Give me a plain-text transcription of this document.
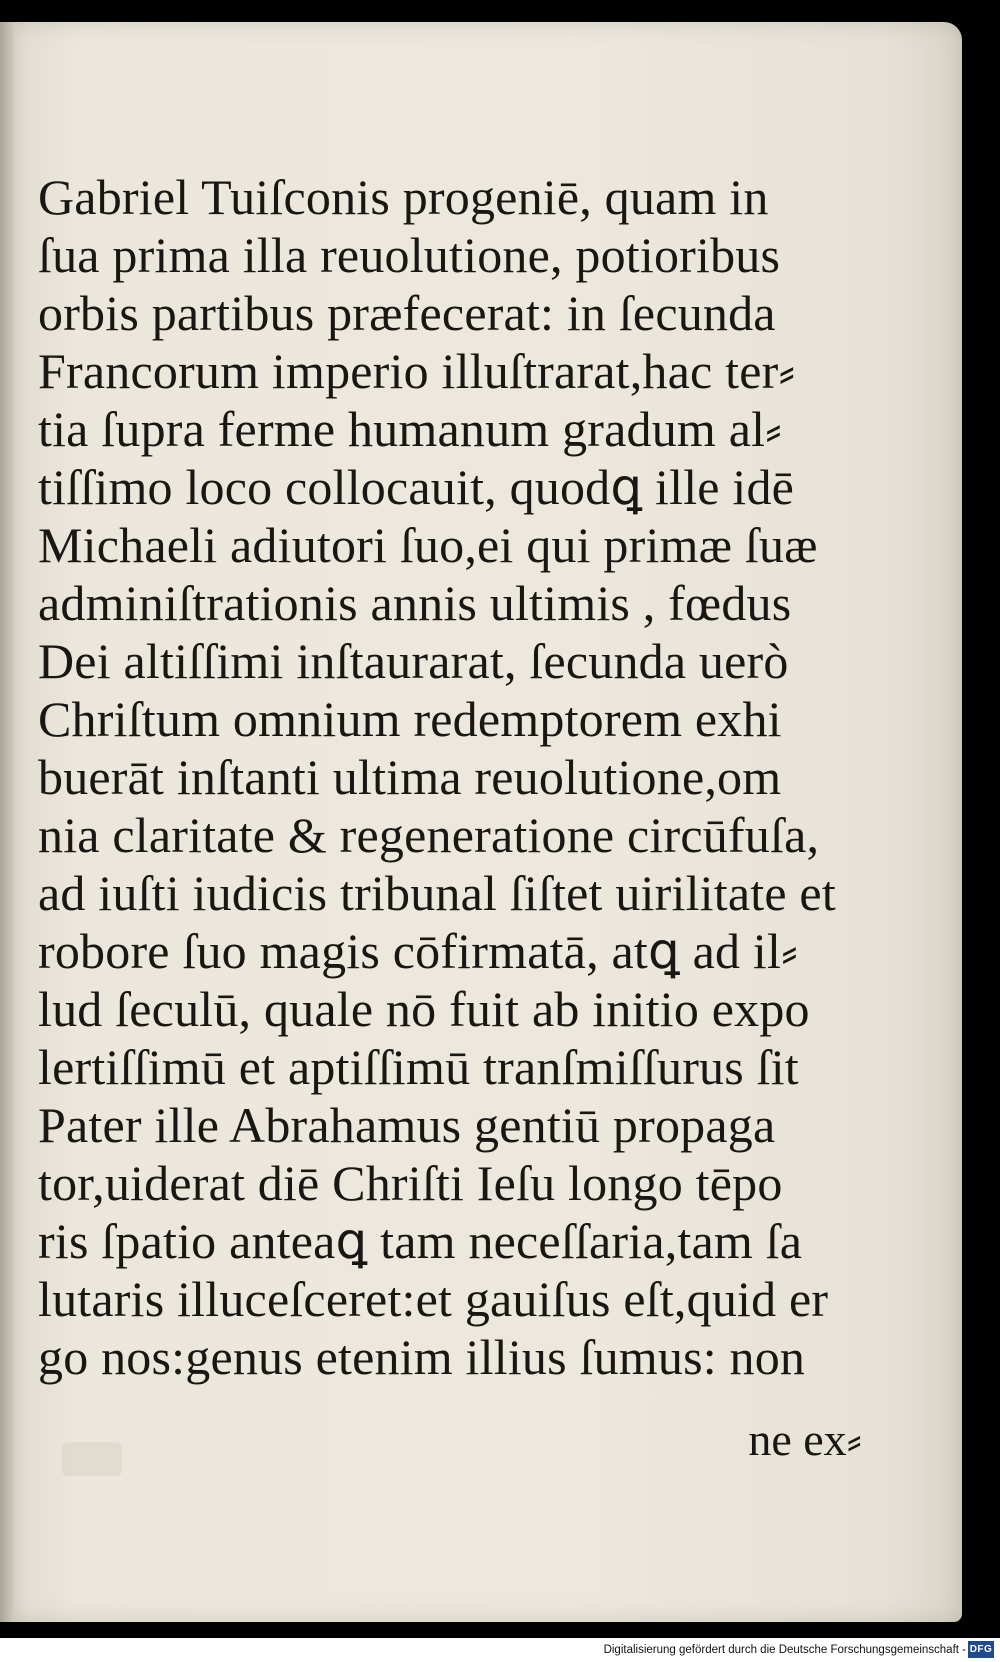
Gabriel Tuiſconis progeniē, quam in
ſua prima illa reuolutione, potioribus
orbis partibus præfecerat: in ſecunda
Francorum imperio illuſtrarat,hac ter⸗
tia ſupra ferme humanum gradum al⸗
tiſſimo loco collocauit, quodꝗ ille idē
Michaeli adiutori ſuo,ei qui primæ ſuæ
adminiſtrationis annis ultimis , fœdus
Dei altiſſimi inſtaurarat, ſecunda uerò
Chriſtum omnium redemptorem exhi
buerāt inſtanti ultima reuolutione,om
nia claritate & regeneratione circūfuſa,
ad iuſti iudicis tribunal ſiſtet uirilitate et
robore ſuo magis cōfirmatā, atꝗ ad il⸗
lud ſeculū, quale nō fuit ab initio expo
lertiſſimū et aptiſſimū tranſmiſſurus ſit
Pater ille Abrahamus gentiū propaga
tor,uiderat diē Chriſti Ieſu longo tēpo
ris ſpatio anteaꝗ tam neceſſaria,tam ſa
lutaris illuceſceret:et gauiſus eſt,quid er
go nos:genus etenim illius ſumus: non
ne ex⸗
Digitalisierung gefördert durch die Deutsche Forschungsgemeinschaft - DFG
